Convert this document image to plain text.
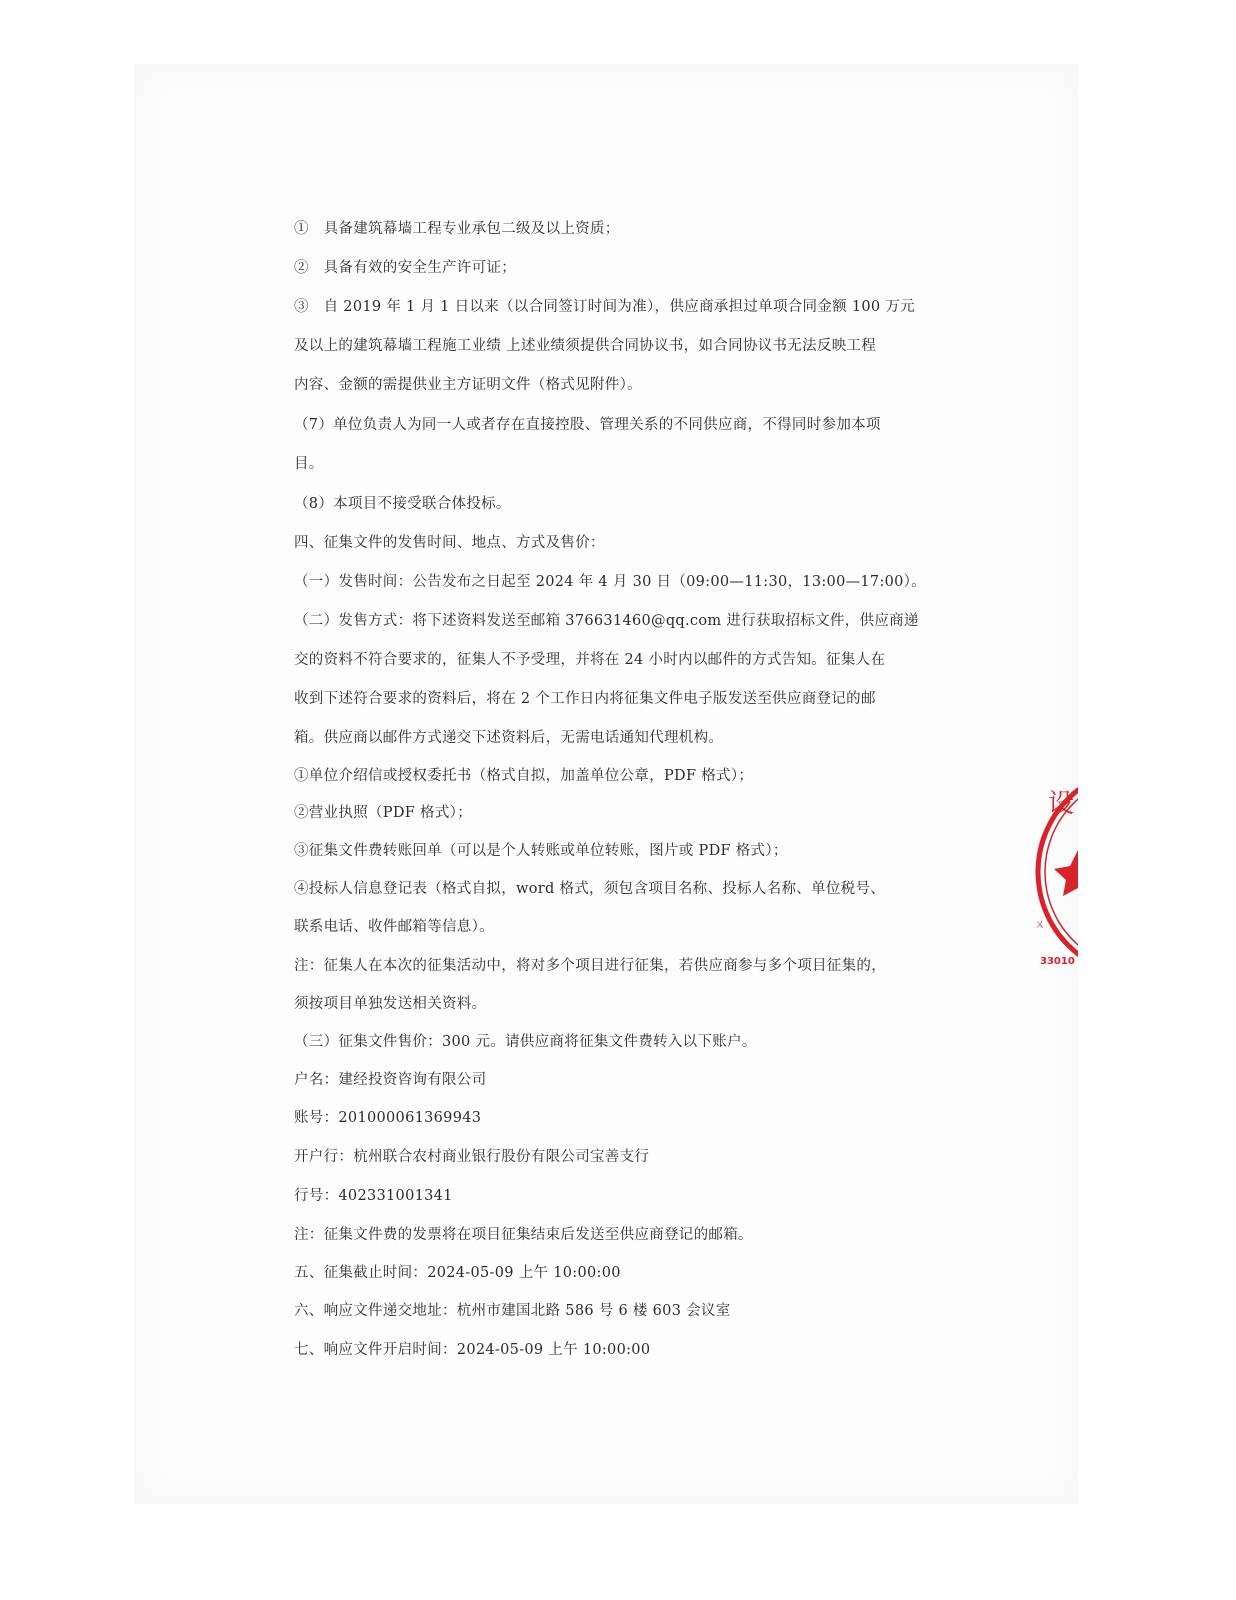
①　具备建筑幕墙工程专业承包二级及以上资质；
②　具备有效的安全生产许可证；
③　自 2019 年 1 月 1 日以来（以合同签订时间为准），供应商承担过单项合同金额 100 万元
及以上的建筑幕墙工程施工业绩 上述业绩须提供合同协议书，如合同协议书无法反映工程
内容、金额的需提供业主方证明文件（格式见附件）。
（7）单位负责人为同一人或者存在直接控股、管理关系的不同供应商，不得同时参加本项
目。
（8）本项目不接受联合体投标。
四、征集文件的发售时间、地点、方式及售价：
（一）发售时间：公告发布之日起至 2024 年 4 月 30 日（09:00—11:30，13:00—17:00）。
（二）发售方式：将下述资料发送至邮箱 376631460@qq.com 进行获取招标文件，供应商递
交的资料不符合要求的，征集人不予受理，并将在 24 小时内以邮件的方式告知。征集人在
收到下述符合要求的资料后，将在 2 个工作日内将征集文件电子版发送至供应商登记的邮
箱。供应商以邮件方式递交下述资料后，无需电话通知代理机构。
①单位介绍信或授权委托书（格式自拟，加盖单位公章，PDF 格式）；
②营业执照（PDF 格式）；
③征集文件费转账回单（可以是个人转账或单位转账，图片或 PDF 格式）；
④投标人信息登记表（格式自拟，word 格式，须包含项目名称、投标人名称、单位税号、
联系电话、收件邮箱等信息）。
注：征集人在本次的征集活动中，将对多个项目进行征集，若供应商参与多个项目征集的，
须按项目单独发送相关资料。
（三）征集文件售价：300 元。请供应商将征集文件费转入以下账户。
户名：建经投资咨询有限公司
账号：201000061369943
开户行：杭州联合农村商业银行股份有限公司宝善支行
行号：402331001341
注：征集文件费的发票将在项目征集结束后发送至供应商登记的邮箱。
五、征集截止时间：2024-05-09 上午 10:00:00
六、响应文件递交地址：杭州市建国北路 586 号 6 楼 603 会议室
七、响应文件开启时间：2024-05-09 上午 10:00:00
设
ㄨ
33010
